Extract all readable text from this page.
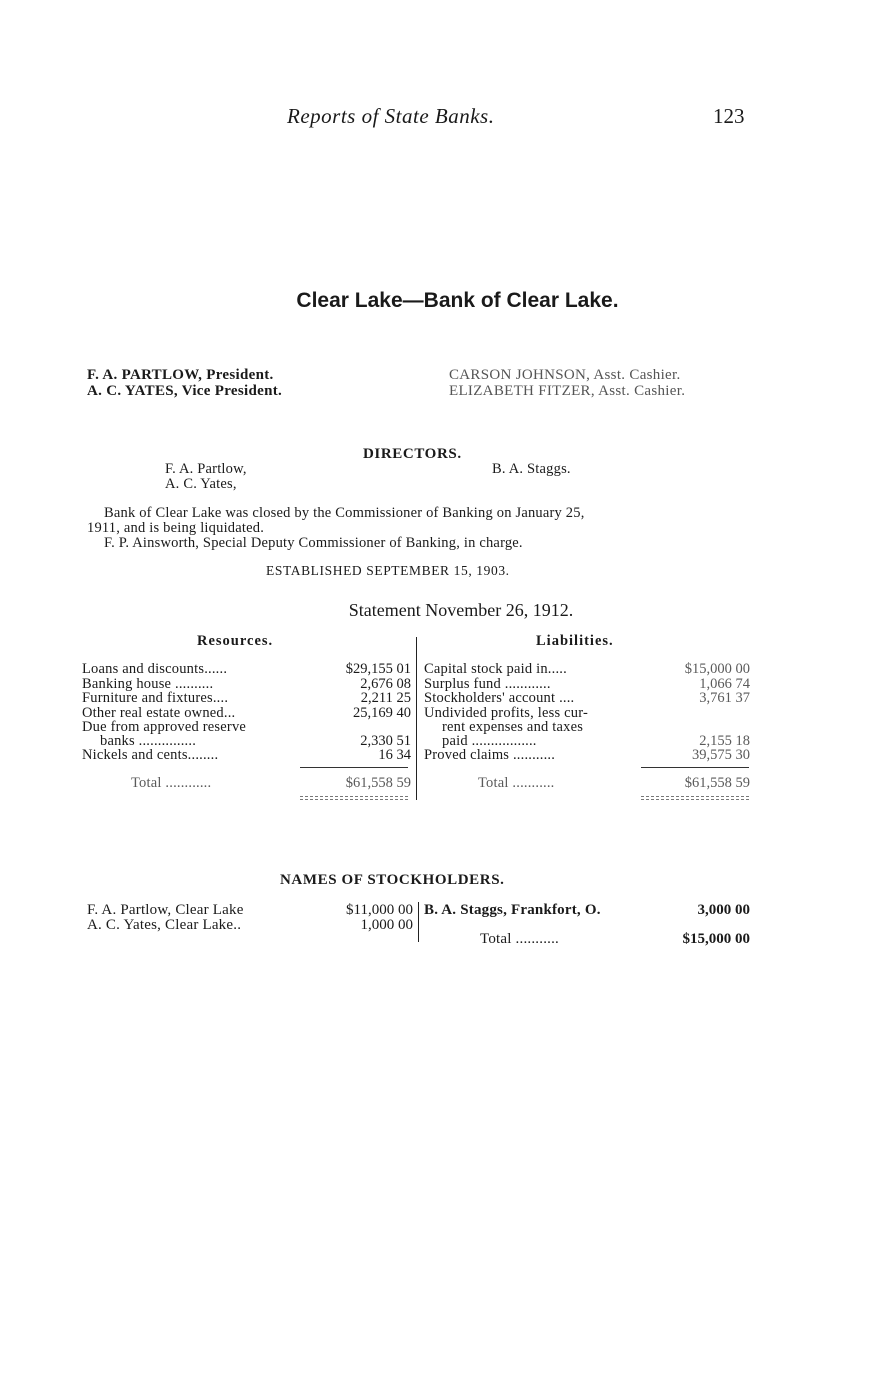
Reports of State Banks.	123
Clear Lake—Bank of Clear Lake.
F. A. PARTLOW, President.
A. C. YATES, Vice President.
CARSON JOHNSON, Asst. Cashier.
ELIZABETH FITZER, Asst. Cashier.
DIRECTORS.
F. A. Partlow,
A. C. Yates,
B. A. Staggs.
Bank of Clear Lake was closed by the Commissioner of Banking on January 25,
1911, and is being liquidated.
F. P. Ainsworth, Special Deputy Commissioner of Banking, in charge.
ESTABLISHED SEPTEMBER 15, 1903.
Statement November 26, 1912.
Resources.	Liabilities.
Loans and discounts......	$29,155 01
Banking house ..........	2,676 08
Furniture and fixtures....	2,211 25
Other real estate owned...	25,169 40
Due from approved reserve
banks ...............	2,330 51
Nickels and cents........	16 34
Total ............	$61,558 59
Capital stock paid in.....	$15,000 00
Surplus fund ............	1,066 74
Stockholders' account ....	3,761 37
Undivided profits, less cur-
rent expenses and taxes
paid .................	2,155 18
Proved claims ...........	39,575 30
Total ...........	$61,558 59
NAMES OF STOCKHOLDERS.
F. A. Partlow, Clear Lake	$11,000 00
A. C. Yates, Clear Lake..	1,000 00
B. A. Staggs, Frankfort, O.	3,000 00
Total ...........	$15,000 00
